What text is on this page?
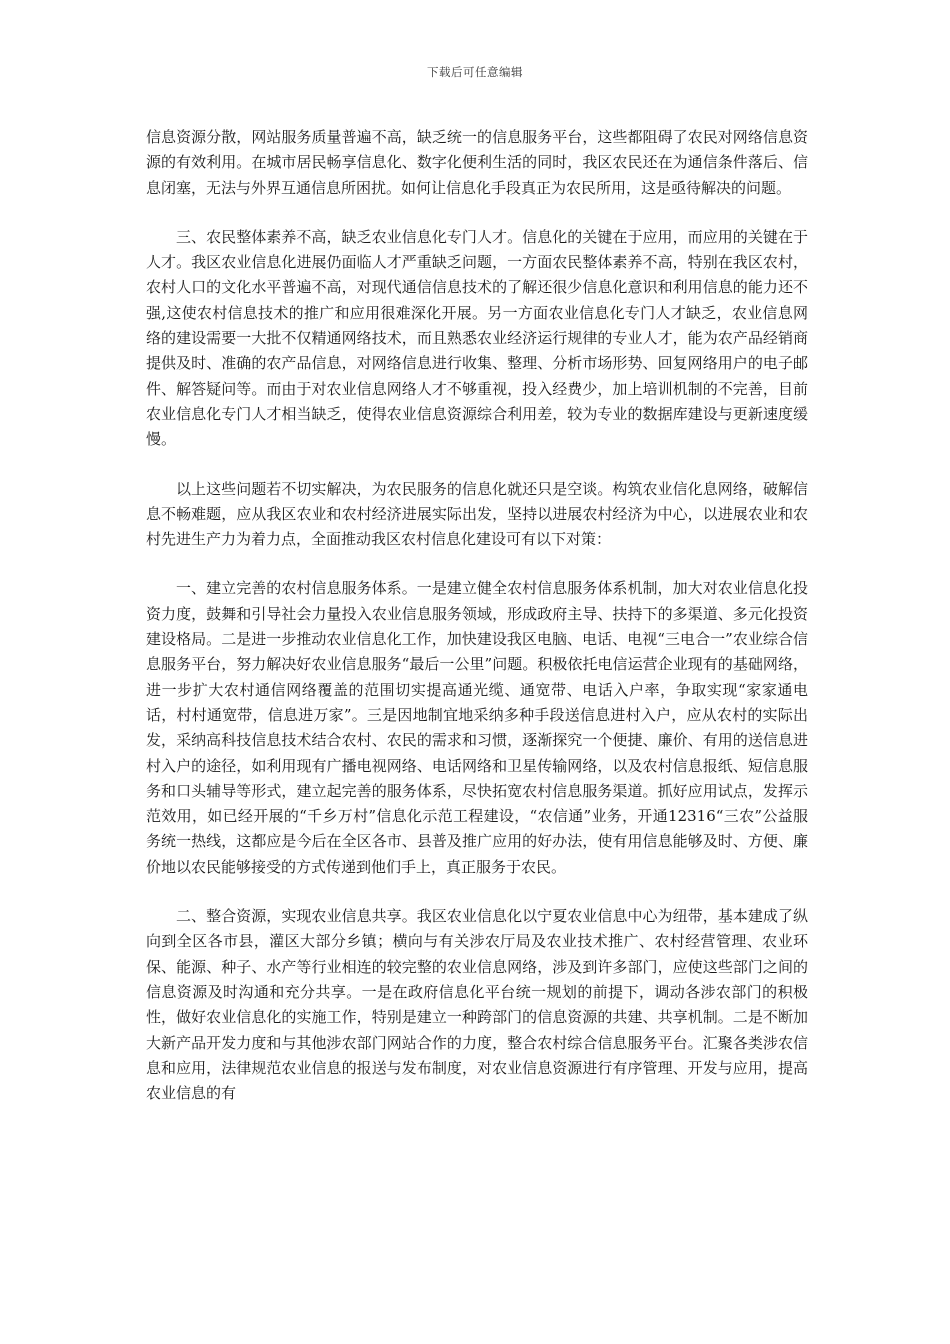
下载后可任意编辑

信息资源分散，网站服务质量普遍不高，缺乏统一的信息服务平台，这些都阻碍了农民对网络信息资源的有效利用。在城市居民畅享信息化、数字化便利生活的同时，我区农民还在为通信条件落后、信息闭塞，无法与外界互通信息所困扰。如何让信息化手段真正为农民所用，这是亟待解决的问题。

三、农民整体素养不高，缺乏农业信息化专门人才。信息化的关键在于应用，而应用的关键在于人才。我区农业信息化进展仍面临人才严重缺乏问题，一方面农民整体素养不高，特别在我区农村，农村人口的文化水平普遍不高，对现代通信信息技术的了解还很少信息化意识和利用信息的能力还不强,这使农村信息技术的推广和应用很难深化开展。另一方面农业信息化专门人才缺乏，农业信息网络的建设需要一大批不仅精通网络技术，而且熟悉农业经济运行规律的专业人才，能为农产品经销商提供及时、准确的农产品信息，对网络信息进行收集、整理、分析市场形势、回复网络用户的电子邮件、解答疑问等。而由于对农业信息网络人才不够重视，投入经费少，加上培训机制的不完善，目前农业信息化专门人才相当缺乏，使得农业信息资源综合利用差，较为专业的数据库建设与更新速度缓慢。

以上这些问题若不切实解决，为农民服务的信息化就还只是空谈。构筑农业信化息网络，破解信息不畅难题，应从我区农业和农村经济进展实际出发，坚持以进展农村经济为中心，以进展农业和农村先进生产力为着力点，全面推动我区农村信息化建设可有以下对策：

一、建立完善的农村信息服务体系。一是建立健全农村信息服务体系机制，加大对农业信息化投资力度，鼓舞和引导社会力量投入农业信息服务领域，形成政府主导、扶持下的多渠道、多元化投资建设格局。二是进一步推动农业信息化工作，加快建设我区电脑、电话、电视“三电合一”农业综合信息服务平台，努力解决好农业信息服务“最后一公里”问题。积极依托电信运营企业现有的基础网络，进一步扩大农村通信网络覆盖的范围切实提高通光缆、通宽带、电话入户率，争取实现“家家通电话，村村通宽带，信息进万家”。三是因地制宜地采纳多种手段送信息进村入户，应从农村的实际出发，采纳高科技信息技术结合农村、农民的需求和习惯，逐渐探究一个便捷、廉价、有用的送信息进村入户的途径，如利用现有广播电视网络、电话网络和卫星传输网络，以及农村信息报纸、短信息服务和口头辅导等形式，建立起完善的服务体系，尽快拓宽农村信息服务渠道。抓好应用试点，发挥示范效用，如已经开展的“千乡万村”信息化示范工程建设，“农信通”业务，开通12316“三农”公益服务统一热线，这都应是今后在全区各市、县普及推广应用的好办法，使有用信息能够及时、方便、廉价地以农民能够接受的方式传递到他们手上，真正服务于农民。

二、整合资源，实现农业信息共享。我区农业信息化以宁夏农业信息中心为纽带，基本建成了纵向到全区各市县，灌区大部分乡镇；横向与有关涉农厅局及农业技术推广、农村经营管理、农业环保、能源、种子、水产等行业相连的较完整的农业信息网络，涉及到许多部门，应使这些部门之间的信息资源及时沟通和充分共享。一是在政府信息化平台统一规划的前提下，调动各涉农部门的积极性，做好农业信息化的实施工作，特别是建立一种跨部门的信息资源的共建、共享机制。二是不断加大新产品开发力度和与其他涉农部门网站合作的力度，整合农村综合信息服务平台。汇聚各类涉农信息和应用，法律规范农业信息的报送与发布制度，对农业信息资源进行有序管理、开发与应用，提高农业信息的有
